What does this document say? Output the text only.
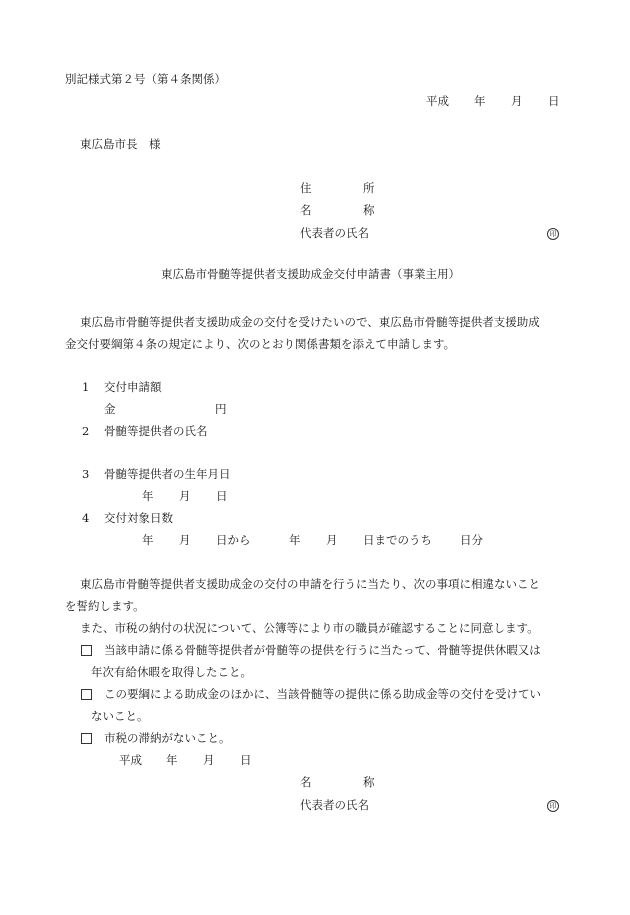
別記様式第２号（第４条関係）
平成 年 月 日
東広島市長　様
住	所
名	称
代表者の氏名	印
東広島市骨髄等提供者支援助成金交付申請書（事業主用）
東広島市骨髄等提供者支援助成金の交付を受けたいので、東広島市骨髄等提供者支援助成
金交付要綱第４条の規定により、次のとおり関係書類を添えて申請します。
1 交付申請額
金	円
2 骨髄等提供者の氏名
3 骨髄等提供者の生年月日
年 月 日
4 交付対象日数
年 月 日から	年 月 日までのうち 日分
東広島市骨髄等提供者支援助成金の交付の申請を行うに当たり、次の事項に相違ないこと
を誓約します。
また、市税の納付の状況について、公簿等により市の職員が確認することに同意します。
当該申請に係る骨髄等提供者が骨髄等の提供を行うに当たって、骨髄等提供休暇又は
年次有給休暇を取得したこと。
この要綱による助成金のほかに、当該骨髄等の提供に係る助成金等の交付を受けてい
ないこと。
市税の滞納がないこと。
平成 年 月 日
名	称
代表者の氏名	印
